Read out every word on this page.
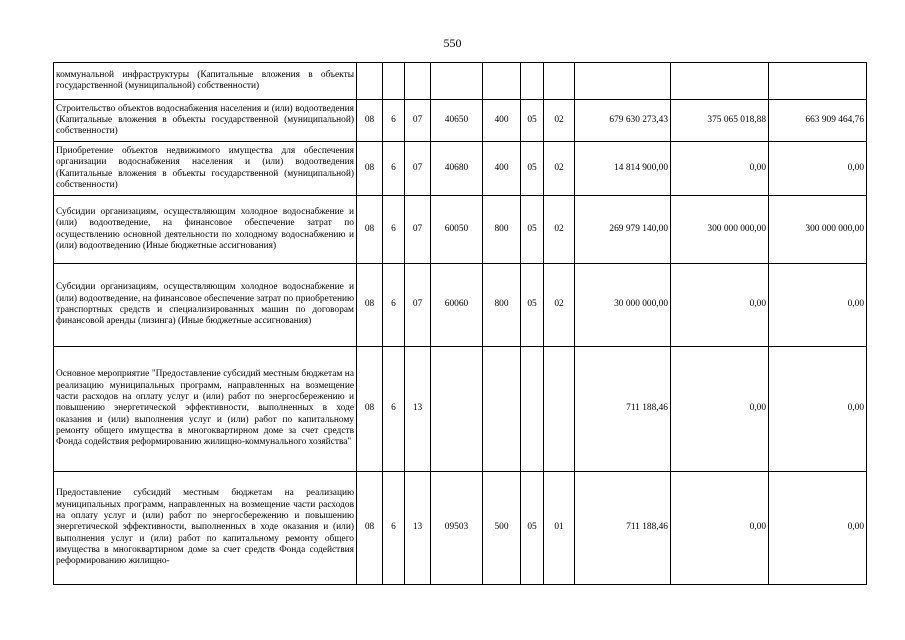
550
коммунальной инфраструктуры (Капитальные вложения в объекты государственной (муниципальной) собственности)										
Строительство объектов водоснабжения населения и (или) водоотведения (Капитальные вложения в объекты государственной (муниципальной) собственности)	08	6	07	40650	400	05	02	679 630 273,43	375 065 018,88	663 909 464,76
Приобретение объектов недвижимого имущества для обеспечения организации водоснабжения населения и (или) водоотведения (Капитальные вложения в объекты государственной (муниципальной) собственности)	08	6	07	40680	400	05	02	14 814 900,00	0,00	0,00
Субсидии организациям, осуществляющим холодное водоснабжение и (или) водоотведение, на финансовое обеспечение затрат по осуществлению основной деятельности по холодному водоснабжению и (или) водоотведению (Иные бюджетные ассигнования)	08	6	07	60050	800	05	02	269 979 140,00	300 000 000,00	300 000 000,00
Субсидии организациям, осуществляющим холодное водоснабжение и (или) водоотведение, на финансовое обеспечение затрат по приобретению транспортных средств и специализированных машин по договорам финансовой аренды (лизинга) (Иные бюджетные ассигнования)	08	6	07	60060	800	05	02	30 000 000,00	0,00	0,00
Основное мероприятие "Предоставление субсидий местным бюджетам на реализацию муниципальных программ, направленных на возмещение части расходов на оплату услуг и (или) работ по энергосбережению и повышению энергетической эффективности, выполненных в ходе оказания и (или) выполнения услуг и (или) работ по капитальному ремонту общего имущества в многоквартирном доме за счет средств Фонда содействия реформированию жилищно-коммунального хозяйства"	08	6	13					711 188,46	0,00	0,00
Предоставление субсидий местным бюджетам на реализацию муниципальных программ, направленных на возмещение части расходов на оплату услуг и (или) работ по энергосбережению и повышению энергетической эффективности, выполненных в ходе оказания и (или) выполнения услуг и (или) работ по капитальному ремонту общего имущества в многоквартирном доме за счет средств Фонда содействия реформированию жилищно-	08	6	13	09503	500	05	01	711 188,46	0,00	0,00
